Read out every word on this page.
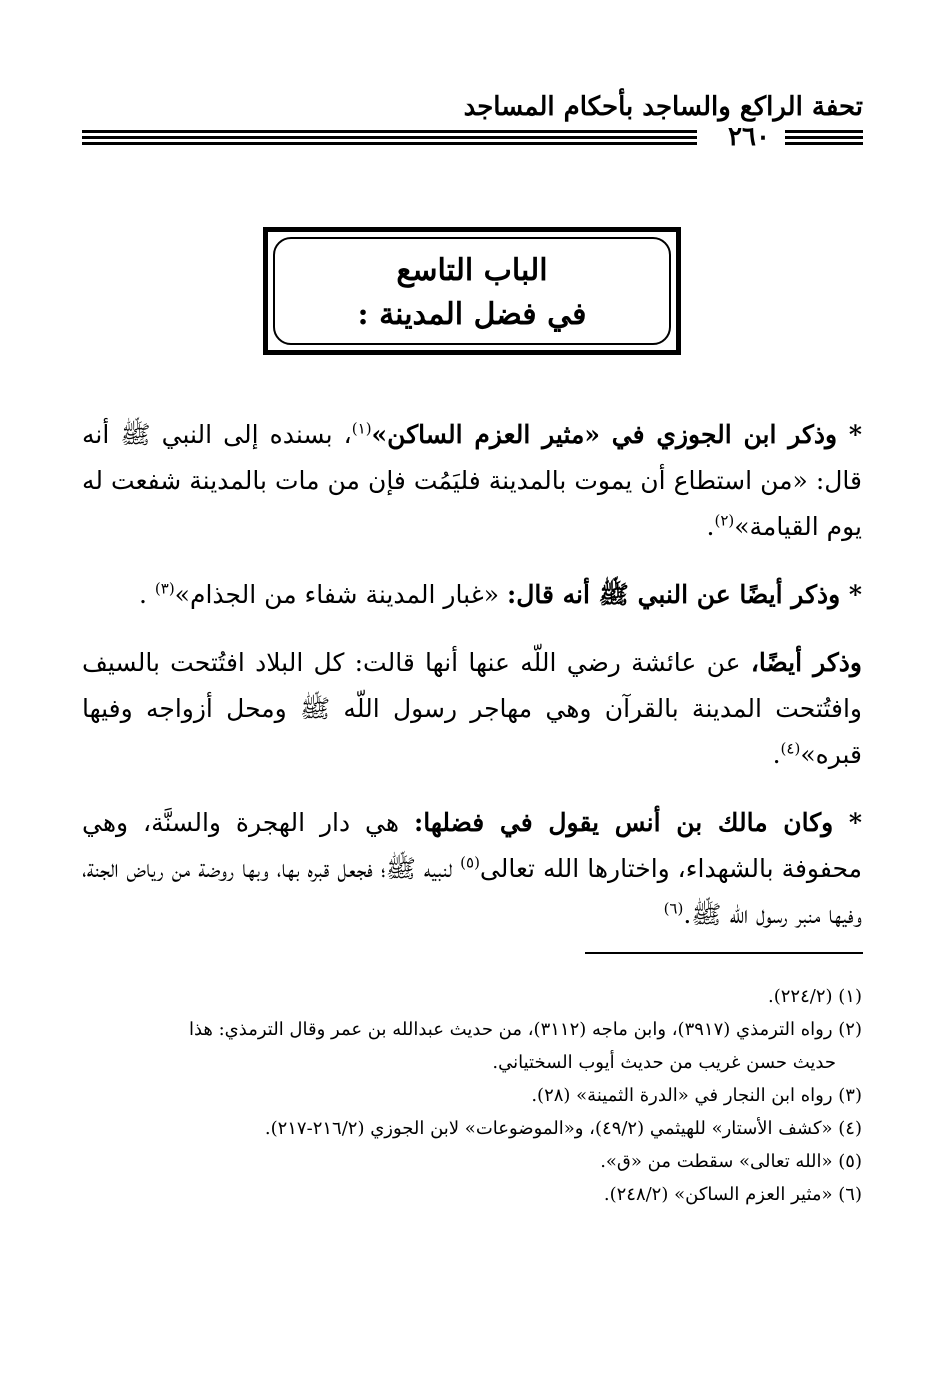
تحفة الراكع والساجد بأحكام المساجد
٢٦٠
الباب التاسع
في فضل المدينة :

* وذكر ابن الجوزي في «مثير العزم الساكن»$^{(١)}$، بسنده إلى النبي ﷺ أنه قال: «من استطاع أن يموت بالمدينة فليَمُت فإن من مات بالمدينة شفعت له يوم القيامة»$^{(٢)}$.

* وذكر أيضًا عن النبي ﷺ أنه قال: «غبار المدينة شفاء من الجذام»$^{(٣)}$ .

وذكر أيضًا، عن عائشة رضي اللّه عنها أنها قالت: كل البلاد افتُتحت بالسيف وافتُتحت المدينة بالقرآن وهي مهاجر رسول اللّه ﷺ ومحل أزواجه وفيها قبره»$^{(٤)}$.

* وكان مالك بن أنس يقول في فضلها: هي دار الهجرة والسنَّة، وهي محفوفة بالشهداء، واختارها الله تعالى$^{(٥)}$ لنبيه ﷺ؛ فجعل قبره بها، وبها روضة من رياض الجنة، وفيها منبر رسول اللّه ﷺ.$^{(٦)}$

(١) (٢٢٤/٢).
(٢) رواه الترمذي (٣٩١٧)، وابن ماجه (٣١١٢)، من حديث عبدالله بن عمر وقال الترمذي: هذا
حديث حسن غريب من حديث أيوب السختياني.
(٣) رواه ابن النجار في «الدرة الثمينة» (٢٨).
(٤) «كشف الأستار» للهيثمي (٤٩/٢)، و«الموضوعات» لابن الجوزي (٢١٦/٢-٢١٧).
(٥) «الله تعالى» سقطت من «ق».
(٦) «مثير العزم الساكن» (٢٤٨/٢).
